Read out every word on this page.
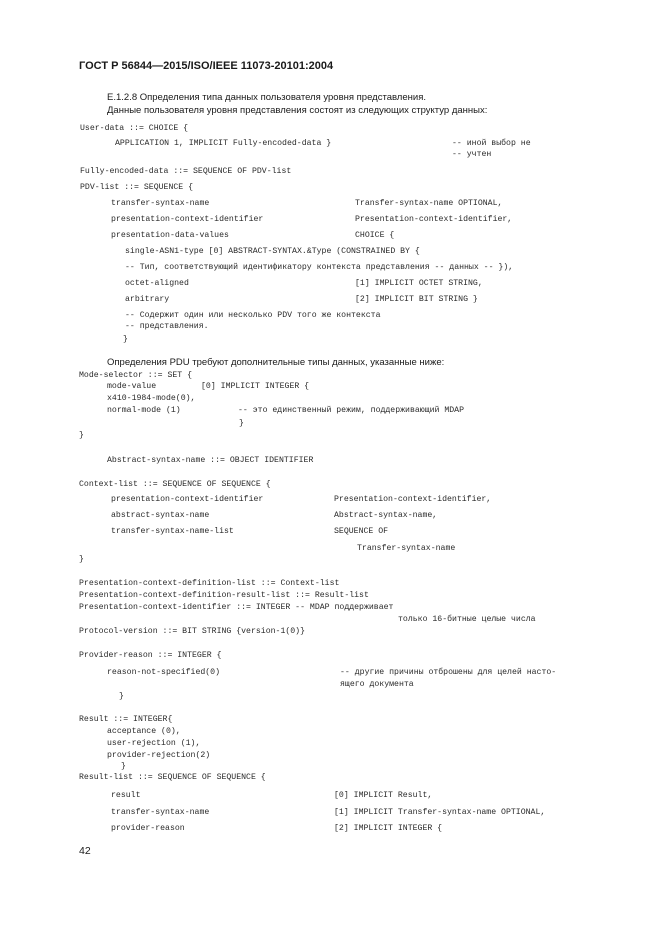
ГОСТ Р 56844—2015/ISO/IEEE 11073-20101:2004
Е.1.2.8 Определения типа данных пользователя уровня представления.
Данные пользователя уровня представления состоят из следующих структур данных:
User-data ::= CHOICE {
APPLICATION 1, IMPLICIT Fully-encoded-data }	-- иной выбор не
-- учтен
Fully-encoded-data ::= SEQUENCE OF PDV-list
PDV-list ::= SEQUENCE {
transfer-syntax-name	Transfer-syntax-name OPTIONAL,
presentation-context-identifier	Presentation-context-identifier,
presentation-data-values	CHOICE {
single-ASN1-type [0] ABSTRACT-SYNTAX.&Type (CONSTRAINED BY {
-- Тип, соответствующий идентификатору контекста представления -- данных -- }),
octet-aligned	[1] IMPLICIT OCTET STRING,
arbitrary	[2] IMPLICIT BIT STRING }
-- Содержит один или несколько PDV того же контекста
-- представления.
}
Определения PDU требуют дополнительные типы данных, указанные ниже:
Mode-selector ::= SET {
mode-value	[0] IMPLICIT INTEGER {
x410-1984-mode(0),
normal-mode (1)	-- это единственный режим, поддерживающий MDAP
}
}
Abstract-syntax-name ::= OBJECT IDENTIFIER
Context-list ::= SEQUENCE OF SEQUENCE {
presentation-context-identifier	Presentation-context-identifier,
abstract-syntax-name	Abstract-syntax-name,
transfer-syntax-name-list	SEQUENCE OF
Transfer-syntax-name
}
Presentation-context-definition-list ::= Context-list
Presentation-context-definition-result-list ::= Result-list
Presentation-context-identifier ::= INTEGER -- MDAP поддерживает
только 16-битные целые числа
Protocol-version ::= BIT STRING {version-1(0)}
Provider-reason ::= INTEGER {
reason-not-specified(0)	-- другие причины отброшены для целей насто-
ящего документа
}
Result ::= INTEGER{
acceptance (0),
user-rejection (1),
provider-rejection(2)
}
Result-list ::= SEQUENCE OF SEQUENCE {
result	[0] IMPLICIT Result,
transfer-syntax-name	[1] IMPLICIT Transfer-syntax-name OPTIONAL,
provider-reason	[2] IMPLICIT INTEGER {
42
